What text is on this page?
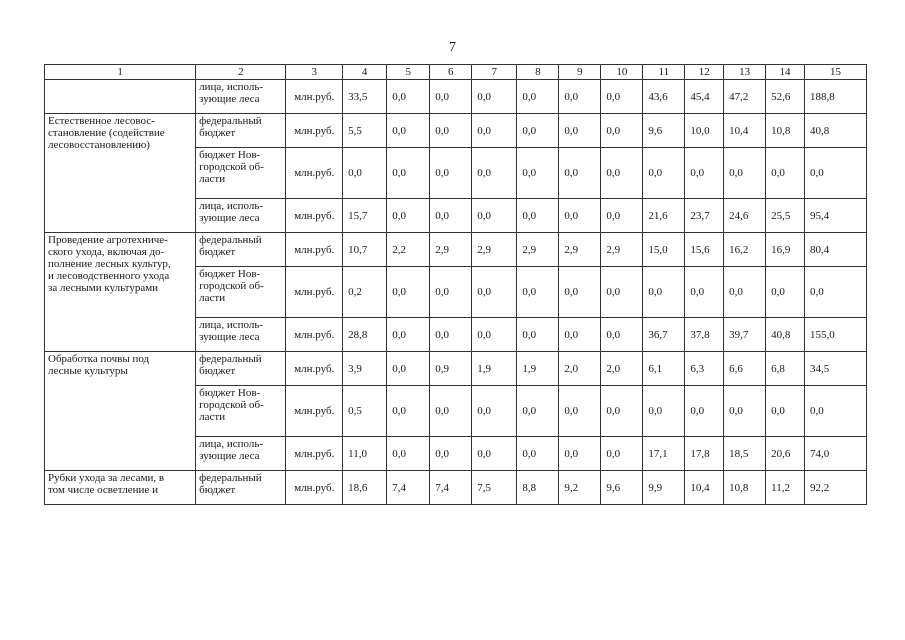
7
1	2	3	4	5	6	7	8	9	10	11	12	13	14	15
	лица, исполь-
зующие леса	млн.руб.	33,5	0,0	0,0	0,0	0,0	0,0	0,0	43,6	45,4	47,2	52,6	188,8
Естественное лесовос-
становление (содействие
лесовосстановлению)	федеральный
бюджет	млн.руб.	5,5	0,0	0,0	0,0	0,0	0,0	0,0	9,6	10,0	10,4	10,8	40,8
	бюджет Нов-
городской об-
ласти	млн.руб.	0,0	0,0	0,0	0,0	0,0	0,0	0,0	0,0	0,0	0,0	0,0	0,0
	лица, исполь-
зующие леса	млн.руб.	15,7	0,0	0,0	0,0	0,0	0,0	0,0	21,6	23,7	24,6	25,5	95,4
Проведение агротехниче-
ского ухода, включая до-
полнение лесных культур,
и лесоводственного ухода
за лесными культурами	федеральный
бюджет	млн.руб.	10,7	2,2	2,9	2,9	2,9	2,9	2,9	15,0	15,6	16,2	16,9	80,4
	бюджет Нов-
городской об-
ласти	млн.руб.	0,2	0,0	0,0	0,0	0,0	0,0	0,0	0,0	0,0	0,0	0,0	0,0
	лица, исполь-
зующие леса	млн.руб.	28,8	0,0	0,0	0,0	0,0	0,0	0,0	36,7	37,8	39,7	40,8	155,0
Обработка почвы под
лесные культуры	федеральный
бюджет	млн.руб.	3,9	0,0	0,9	1,9	1,9	2,0	2,0	6,1	6,3	6,6	6,8	34,5
	бюджет Нов-
городской об-
ласти	млн.руб.	0,5	0,0	0,0	0,0	0,0	0,0	0,0	0,0	0,0	0,0	0,0	0,0
	лица, исполь-
зующие леса	млн.руб.	11,0	0,0	0,0	0,0	0,0	0,0	0,0	17,1	17,8	18,5	20,6	74,0
Рубки ухода за лесами, в
том числе осветление и	федеральный
бюджет	млн.руб.	18,6	7,4	7,4	7,5	8,8	9,2	9,6	9,9	10,4	10,8	11,2	92,2
